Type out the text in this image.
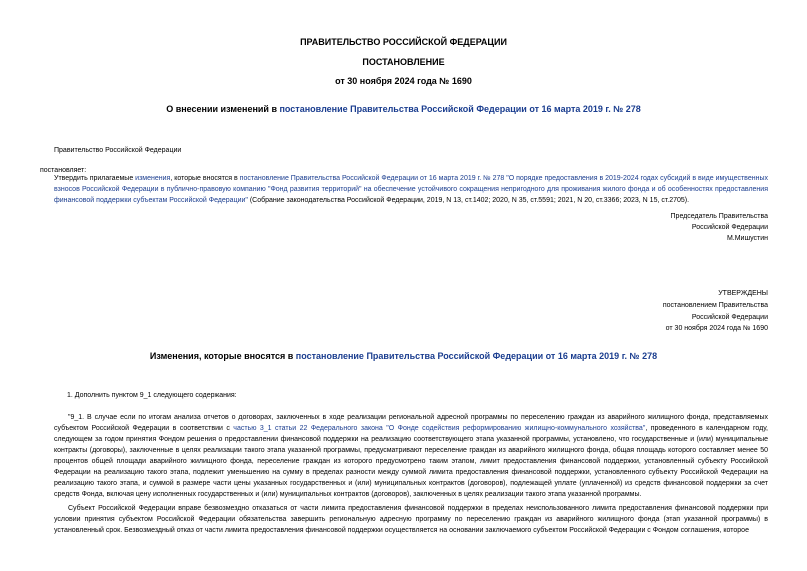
ПРАВИТЕЛЬСТВО РОССИЙСКОЙ ФЕДЕРАЦИИ
ПОСТАНОВЛЕНИЕ
от 30 ноября 2024 года № 1690
О внесении изменений в постановление Правительства Российской Федерации от 16 марта 2019 г. № 278
Правительство Российской Федерации
постановляет:
Утвердить прилагаемые изменения, которые вносятся в постановление Правительства Российской Федерации от 16 марта 2019 г. № 278 "О порядке предоставления в 2019-2024 годах субсидий в виде имущественных взносов Российской Федерации в публично-правовую компанию "Фонд развития территорий" на обеспечение устойчивого сокращения непригодного для проживания жилого фонда и об особенностях предоставления финансовой поддержки субъектам Российской Федерации" (Собрание законодательства Российской Федерации, 2019, N 13, ст.1402; 2020, N 35, ст.5591; 2021, N 20, ст.3366; 2023, N 15, ст.2705).
Председатель Правительства
Российской Федерации
М.Мишустин
УТВЕРЖДЕНЫ
постановлением Правительства
Российской Федерации
от 30 ноября 2024 года № 1690
Изменения, которые вносятся в постановление Правительства Российской Федерации от 16 марта 2019 г. № 278
1. Дополнить пунктом 9_1 следующего содержания:
"9_1. В случае если по итогам анализа отчетов о договорах, заключенных в ходе реализации региональной адресной программы по переселению граждан из аварийного жилищного фонда, представляемых субъектом Российской Федерации в соответствии с частью 3_1 статьи 22 Федерального закона "О Фонде содействия реформированию жилищно-коммунального хозяйства", проведенного в календарном году, следующем за годом принятия Фондом решения о предоставлении финансовой поддержки на реализацию соответствующего этапа указанной программы, установлено, что государственные и (или) муниципальные контракты (договоры), заключенные в целях реализации такого этапа указанной программы, предусматривают переселение граждан из аварийного жилищного фонда, общая площадь которого составляет менее 50 процентов общей площади аварийного жилищного фонда, переселение граждан из которого предусмотрено таким этапом, лимит предоставления финансовой поддержки, установленный субъекту Российской Федерации на реализацию такого этапа, подлежит уменьшению на сумму в пределах разности между суммой лимита предоставления финансовой поддержки, установленного субъекту Российской Федерации на реализацию такого этапа, и суммой в размере части цены указанных государственных и (или) муниципальных контрактов (договоров), подлежащей уплате (уплаченной) из средств финансовой поддержки за счет средств Фонда, включая цену исполненных государственных и (или) муниципальных контрактов (договоров), заключенных в целях реализации такого этапа указанной программы.
Субъект Российской Федерации вправе безвозмездно отказаться от части лимита предоставления финансовой поддержки в пределах неиспользованного лимита предоставления финансовой поддержки при условии принятия субъектом Российской Федерации обязательства завершить региональную адресную программу по переселению граждан из аварийного жилищного фонда (этап указанной программы) в установленный срок. Безвозмездный отказ от части лимита предоставления финансовой поддержки осуществляется на основании заключаемого субъектом Российской Федерации с Фондом соглашения, которое
